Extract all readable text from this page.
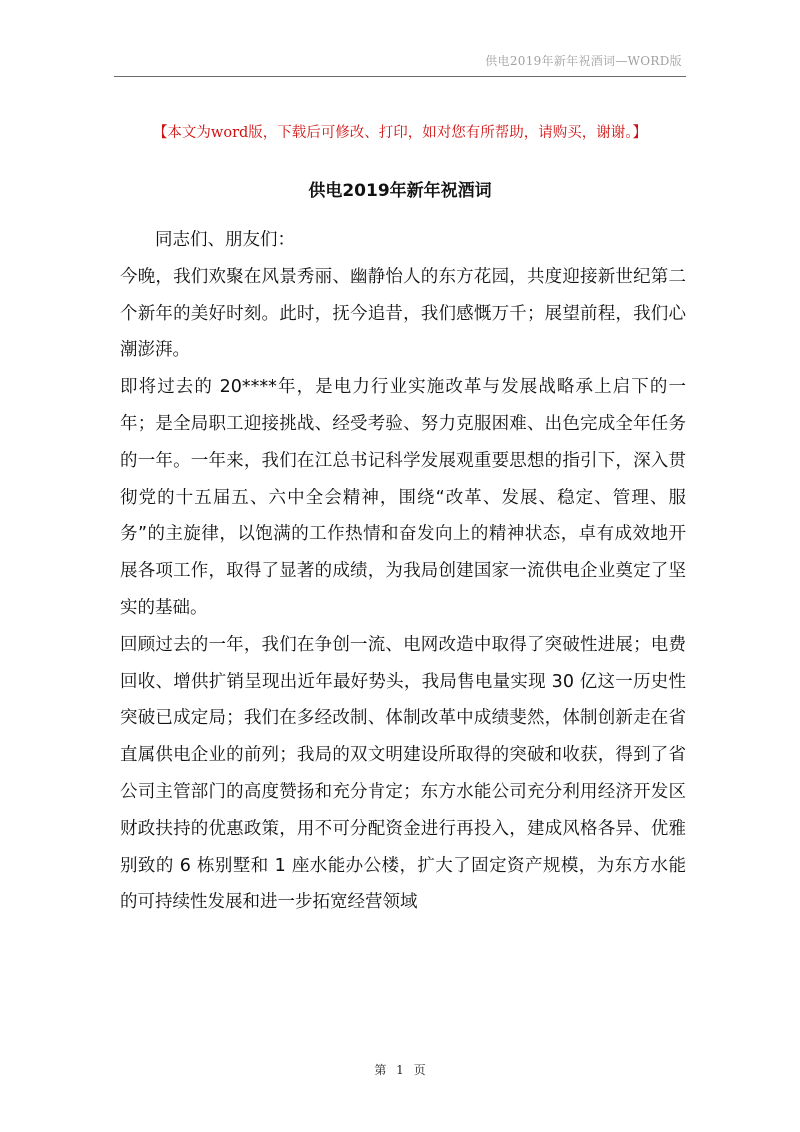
供电2019年新年祝酒词—WORD版
【本文为word版，下载后可修改、打印，如对您有所帮助，请购买，谢谢。】
供电2019年新年祝酒词

同志们、朋友们：

今晚，我们欢聚在风景秀丽、幽静怡人的东方花园，共度迎接新世纪第二个新年的美好时刻。此时，抚今追昔，我们感慨万千；展望前程，我们心潮澎湃。

即将过去的 20****年，是电力行业实施改革与发展战略承上启下的一年；是全局职工迎接挑战、经受考验、努力克服困难、出色完成全年任务的一年。一年来，我们在江总书记科学发展观重要思想的指引下，深入贯彻党的十五届五、六中全会精神，围绕“改革、发展、稳定、管理、服务”的主旋律，以饱满的工作热情和奋发向上的精神状态，卓有成效地开展各项工作，取得了显著的成绩，为我局创建国家一流供电企业奠定了坚实的基础。

回顾过去的一年，我们在争创一流、电网改造中取得了突破性进展；电费回收、增供扩销呈现出近年最好势头，我局售电量实现 30 亿这一历史性突破已成定局；我们在多经改制、体制改革中成绩斐然，体制创新走在省直属供电企业的前列；我局的双文明建设所取得的突破和收获，得到了省公司主管部门的高度赞扬和充分肯定；东方水能公司充分利用经济开发区财政扶持的优惠政策，用不可分配资金进行再投入，建成风格各异、优雅别致的 6 栋别墅和 1 座水能办公楼，扩大了固定资产规模，为东方水能的可持续性发展和进一步拓宽经营领域

第 1 页
